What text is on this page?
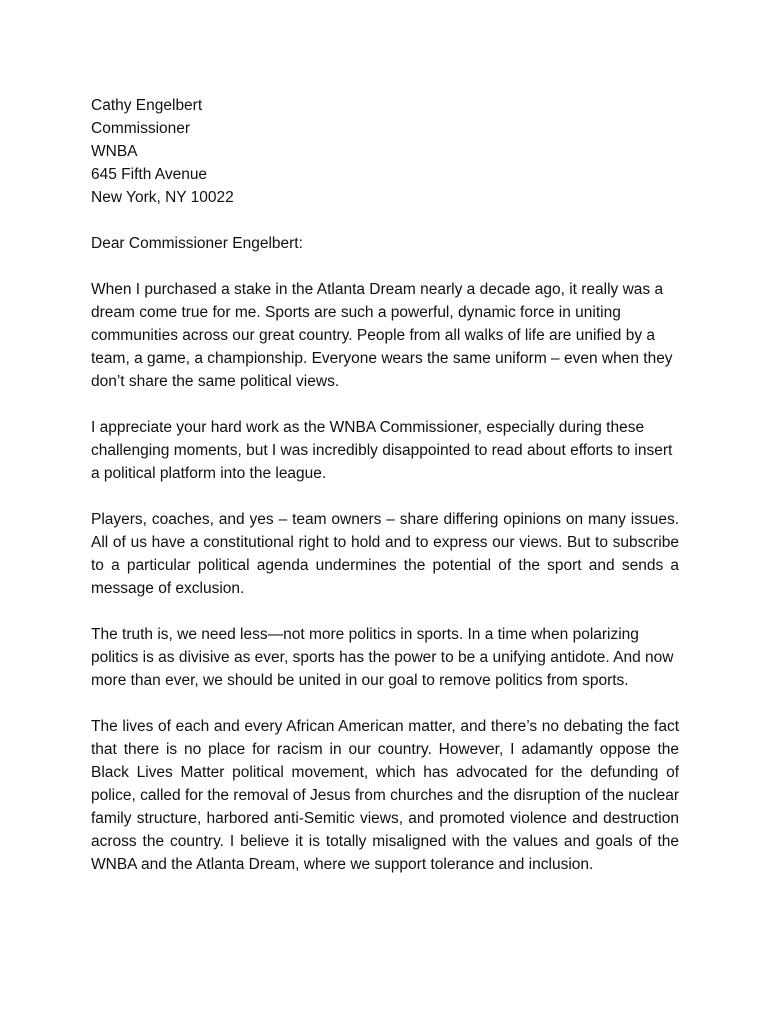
Cathy Engelbert
Commissioner
WNBA
645 Fifth Avenue
New York, NY 10022
Dear Commissioner Engelbert:

When I purchased a stake in the Atlanta Dream nearly a decade ago, it really was a dream come true for me. Sports are such a powerful, dynamic force in uniting communities across our great country. People from all walks of life are unified by a team, a game, a championship. Everyone wears the same uniform – even when they don’t share the same political views.

I appreciate your hard work as the WNBA Commissioner, especially during these challenging moments, but I was incredibly disappointed to read about efforts to insert a political platform into the league.

Players, coaches, and yes – team owners – share differing opinions on many issues. All of us have a constitutional right to hold and to express our views. But to subscribe to a particular political agenda undermines the potential of the sport and sends a message of exclusion.

The truth is, we need less—not more politics in sports. In a time when polarizing politics is as divisive as ever, sports has the power to be a unifying antidote. And now more than ever, we should be united in our goal to remove politics from sports.

The lives of each and every African American matter, and there’s no debating the fact that there is no place for racism in our country. However, I adamantly oppose the Black Lives Matter political movement, which has advocated for the defunding of police, called for the removal of Jesus from churches and the disruption of the nuclear family structure, harbored anti-Semitic views, and promoted violence and destruction across the country. I believe it is totally misaligned with the values and goals of the WNBA and the Atlanta Dream, where we support tolerance and inclusion.
